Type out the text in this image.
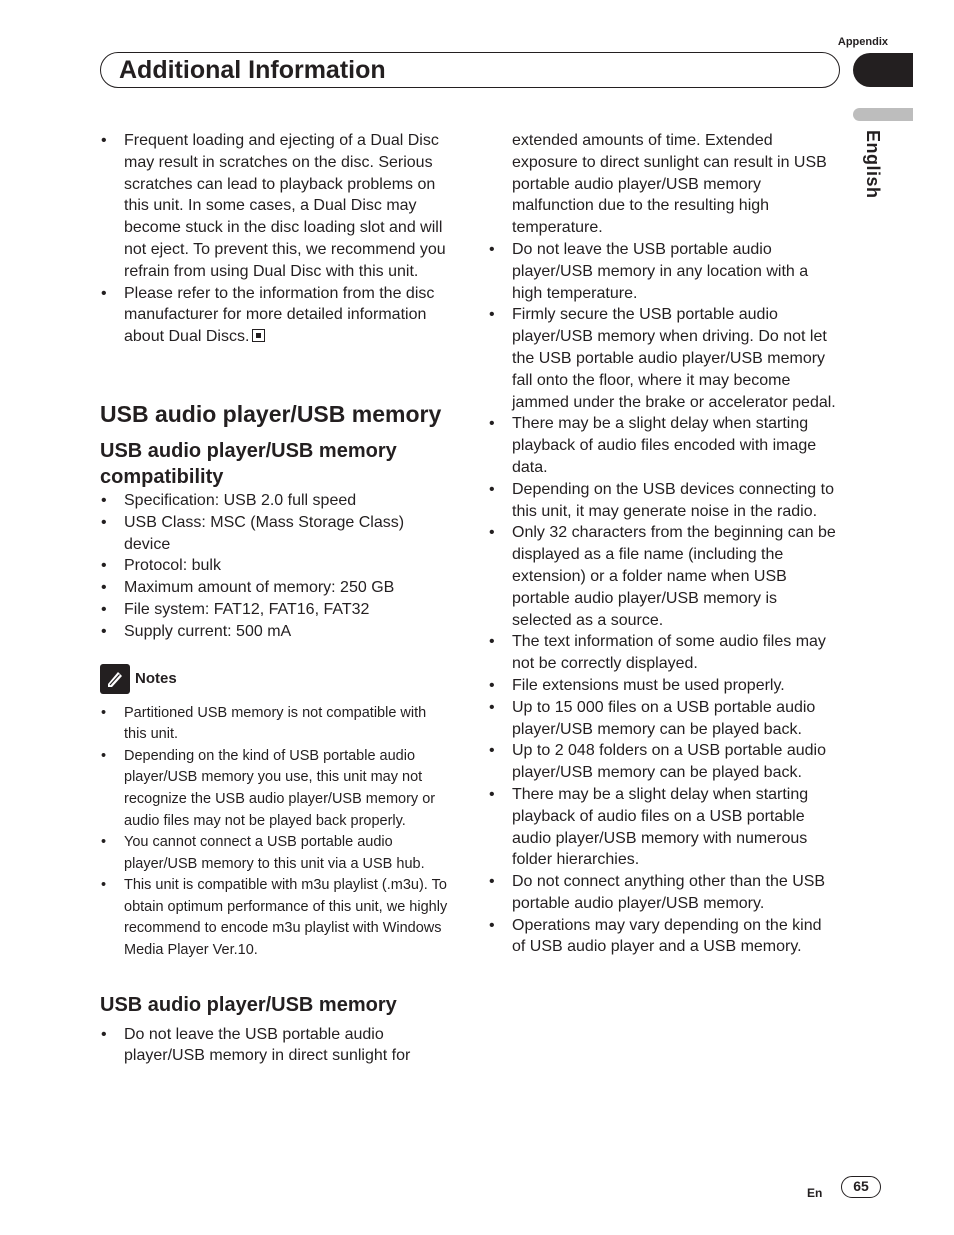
Appendix
Additional Information
English
• Frequent loading and ejecting of a Dual Disc may result in scratches on the disc. Serious scratches can lead to playback problems on this unit. In some cases, a Dual Disc may become stuck in the disc loading slot and will not eject. To prevent this, we recommend you refrain from using Dual Disc with this unit.
• Please refer to the information from the disc manufacturer for more detailed information about Dual Discs.
USB audio player/USB memory
USB audio player/USB memory compatibility
• Specification: USB 2.0 full speed
• USB Class: MSC (Mass Storage Class) device
• Protocol: bulk
• Maximum amount of memory: 250 GB
• File system: FAT12, FAT16, FAT32
• Supply current: 500 mA
Notes
• Partitioned USB memory is not compatible with this unit.
• Depending on the kind of USB portable audio player/USB memory you use, this unit may not recognize the USB audio player/USB memory or audio files may not be played back properly.
• You cannot connect a USB portable audio player/USB memory to this unit via a USB hub.
• This unit is compatible with m3u playlist (.m3u). To obtain optimum performance of this unit, we highly recommend to encode m3u playlist with Windows Media Player Ver.10.
USB audio player/USB memory
• Do not leave the USB portable audio player/USB memory in direct sunlight for
extended amounts of time. Extended exposure to direct sunlight can result in USB portable audio player/USB memory malfunction due to the resulting high temperature.
• Do not leave the USB portable audio player/USB memory in any location with a high temperature.
• Firmly secure the USB portable audio player/USB memory when driving. Do not let the USB portable audio player/USB memory fall onto the floor, where it may become jammed under the brake or accelerator pedal.
• There may be a slight delay when starting playback of audio files encoded with image data.
• Depending on the USB devices connecting to this unit, it may generate noise in the radio.
• Only 32 characters from the beginning can be displayed as a file name (including the extension) or a folder name when USB portable audio player/USB memory is selected as a source.
• The text information of some audio files may not be correctly displayed.
• File extensions must be used properly.
• Up to 15 000 files on a USB portable audio player/USB memory can be played back.
• Up to 2 048 folders on a USB portable audio player/USB memory can be played back.
• There may be a slight delay when starting playback of audio files on a USB portable audio player/USB memory with numerous folder hierarchies.
• Do not connect anything other than the USB portable audio player/USB memory.
• Operations may vary depending on the kind of USB audio player and a USB memory.
En	65
